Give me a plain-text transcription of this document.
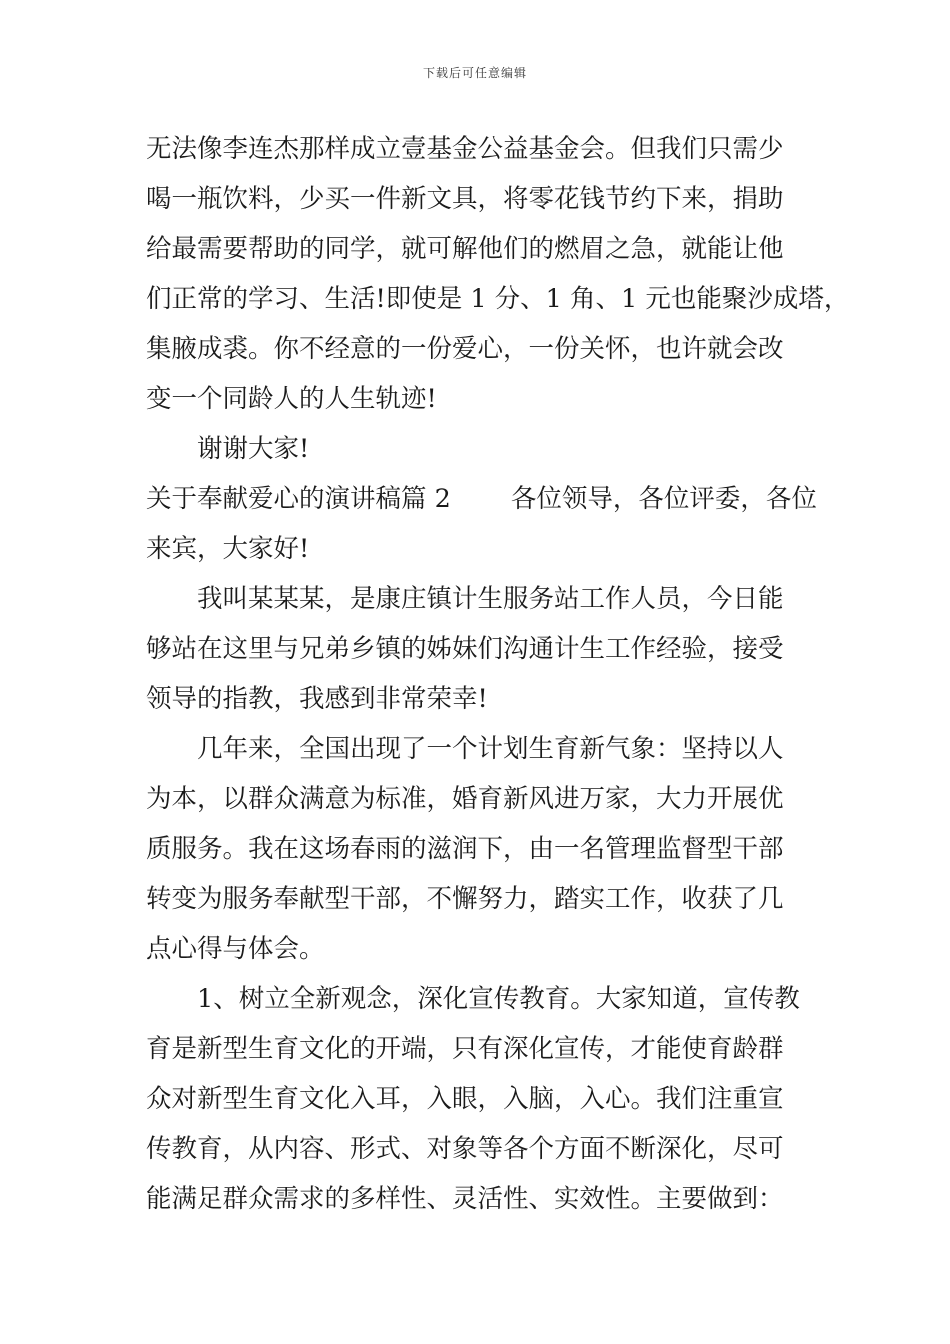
下载后可任意编辑
无法像李连杰那样成立壹基金公益基金会。但我们只需少
喝一瓶饮料，少买一件新文具，将零花钱节约下来，捐助
给最需要帮助的同学，就可解他们的燃眉之急，就能让他
们正常的学习、生活!即使是 1 分、1 角、1 元也能聚沙成塔，
集腋成裘。你不经意的一份爱心，一份关怀，也许就会改
变一个同龄人的人生轨迹!
谢谢大家!
关于奉献爱心的演讲稿篇 2 各位领导，各位评委，各位
来宾，大家好!
我叫某某某，是康庄镇计生服务站工作人员，今日能
够站在这里与兄弟乡镇的姊妹们沟通计生工作经验，接受
领导的指教，我感到非常荣幸!
几年来，全国出现了一个计划生育新气象：坚持以人
为本，以群众满意为标准，婚育新风进万家，大力开展优
质服务。我在这场春雨的滋润下，由一名管理监督型干部
转变为服务奉献型干部，不懈努力，踏实工作，收获了几
点心得与体会。
1、树立全新观念，深化宣传教育。大家知道，宣传教
育是新型生育文化的开端，只有深化宣传，才能使育龄群
众对新型生育文化入耳，入眼，入脑，入心。我们注重宣
传教育，从内容、形式、对象等各个方面不断深化，尽可
能满足群众需求的多样性、灵活性、实效性。主要做到：
